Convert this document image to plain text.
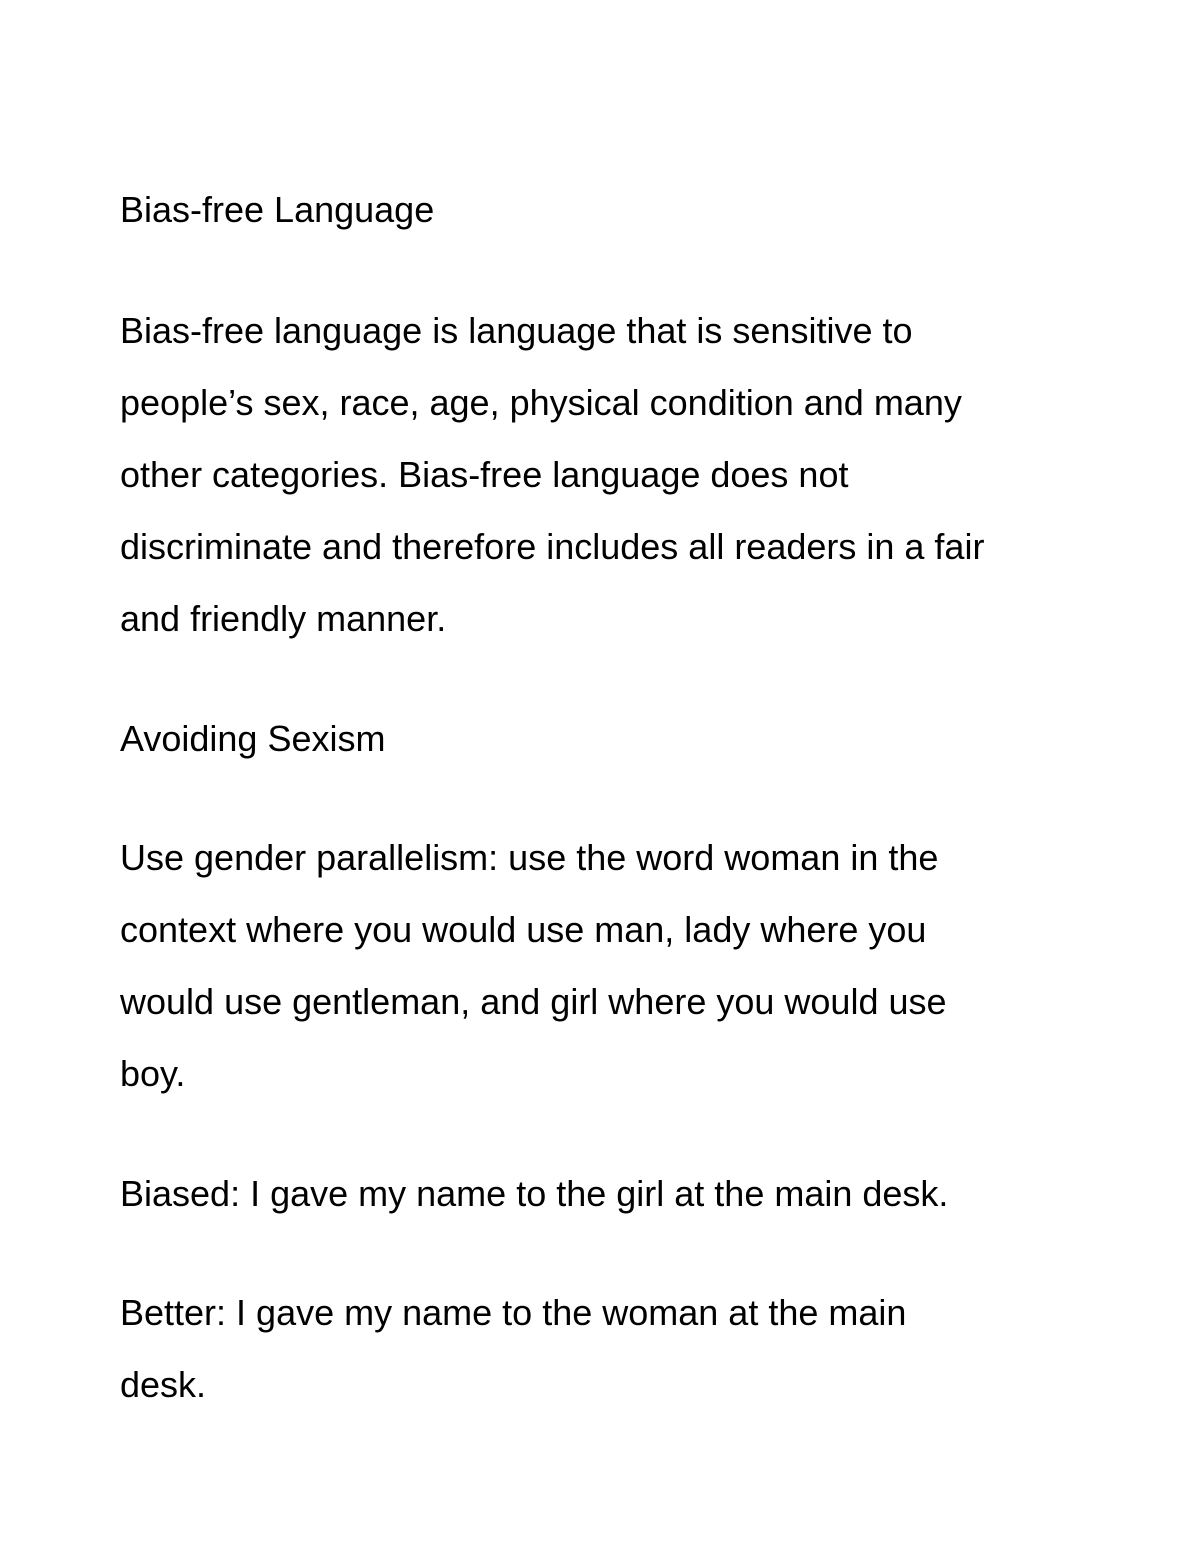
Bias-free Language

Bias-free language is language that is sensitive to

people’s sex, race, age, physical condition and many

other categories. Bias-free language does not

discriminate and therefore includes all readers in a fair

and friendly manner.

Avoiding Sexism

Use gender parallelism: use the word woman in the

context where you would use man, lady where you

would use gentleman, and girl where you would use

boy.

Biased: I gave my name to the girl at the main desk.

Better: I gave my name to the woman at the main

desk.
